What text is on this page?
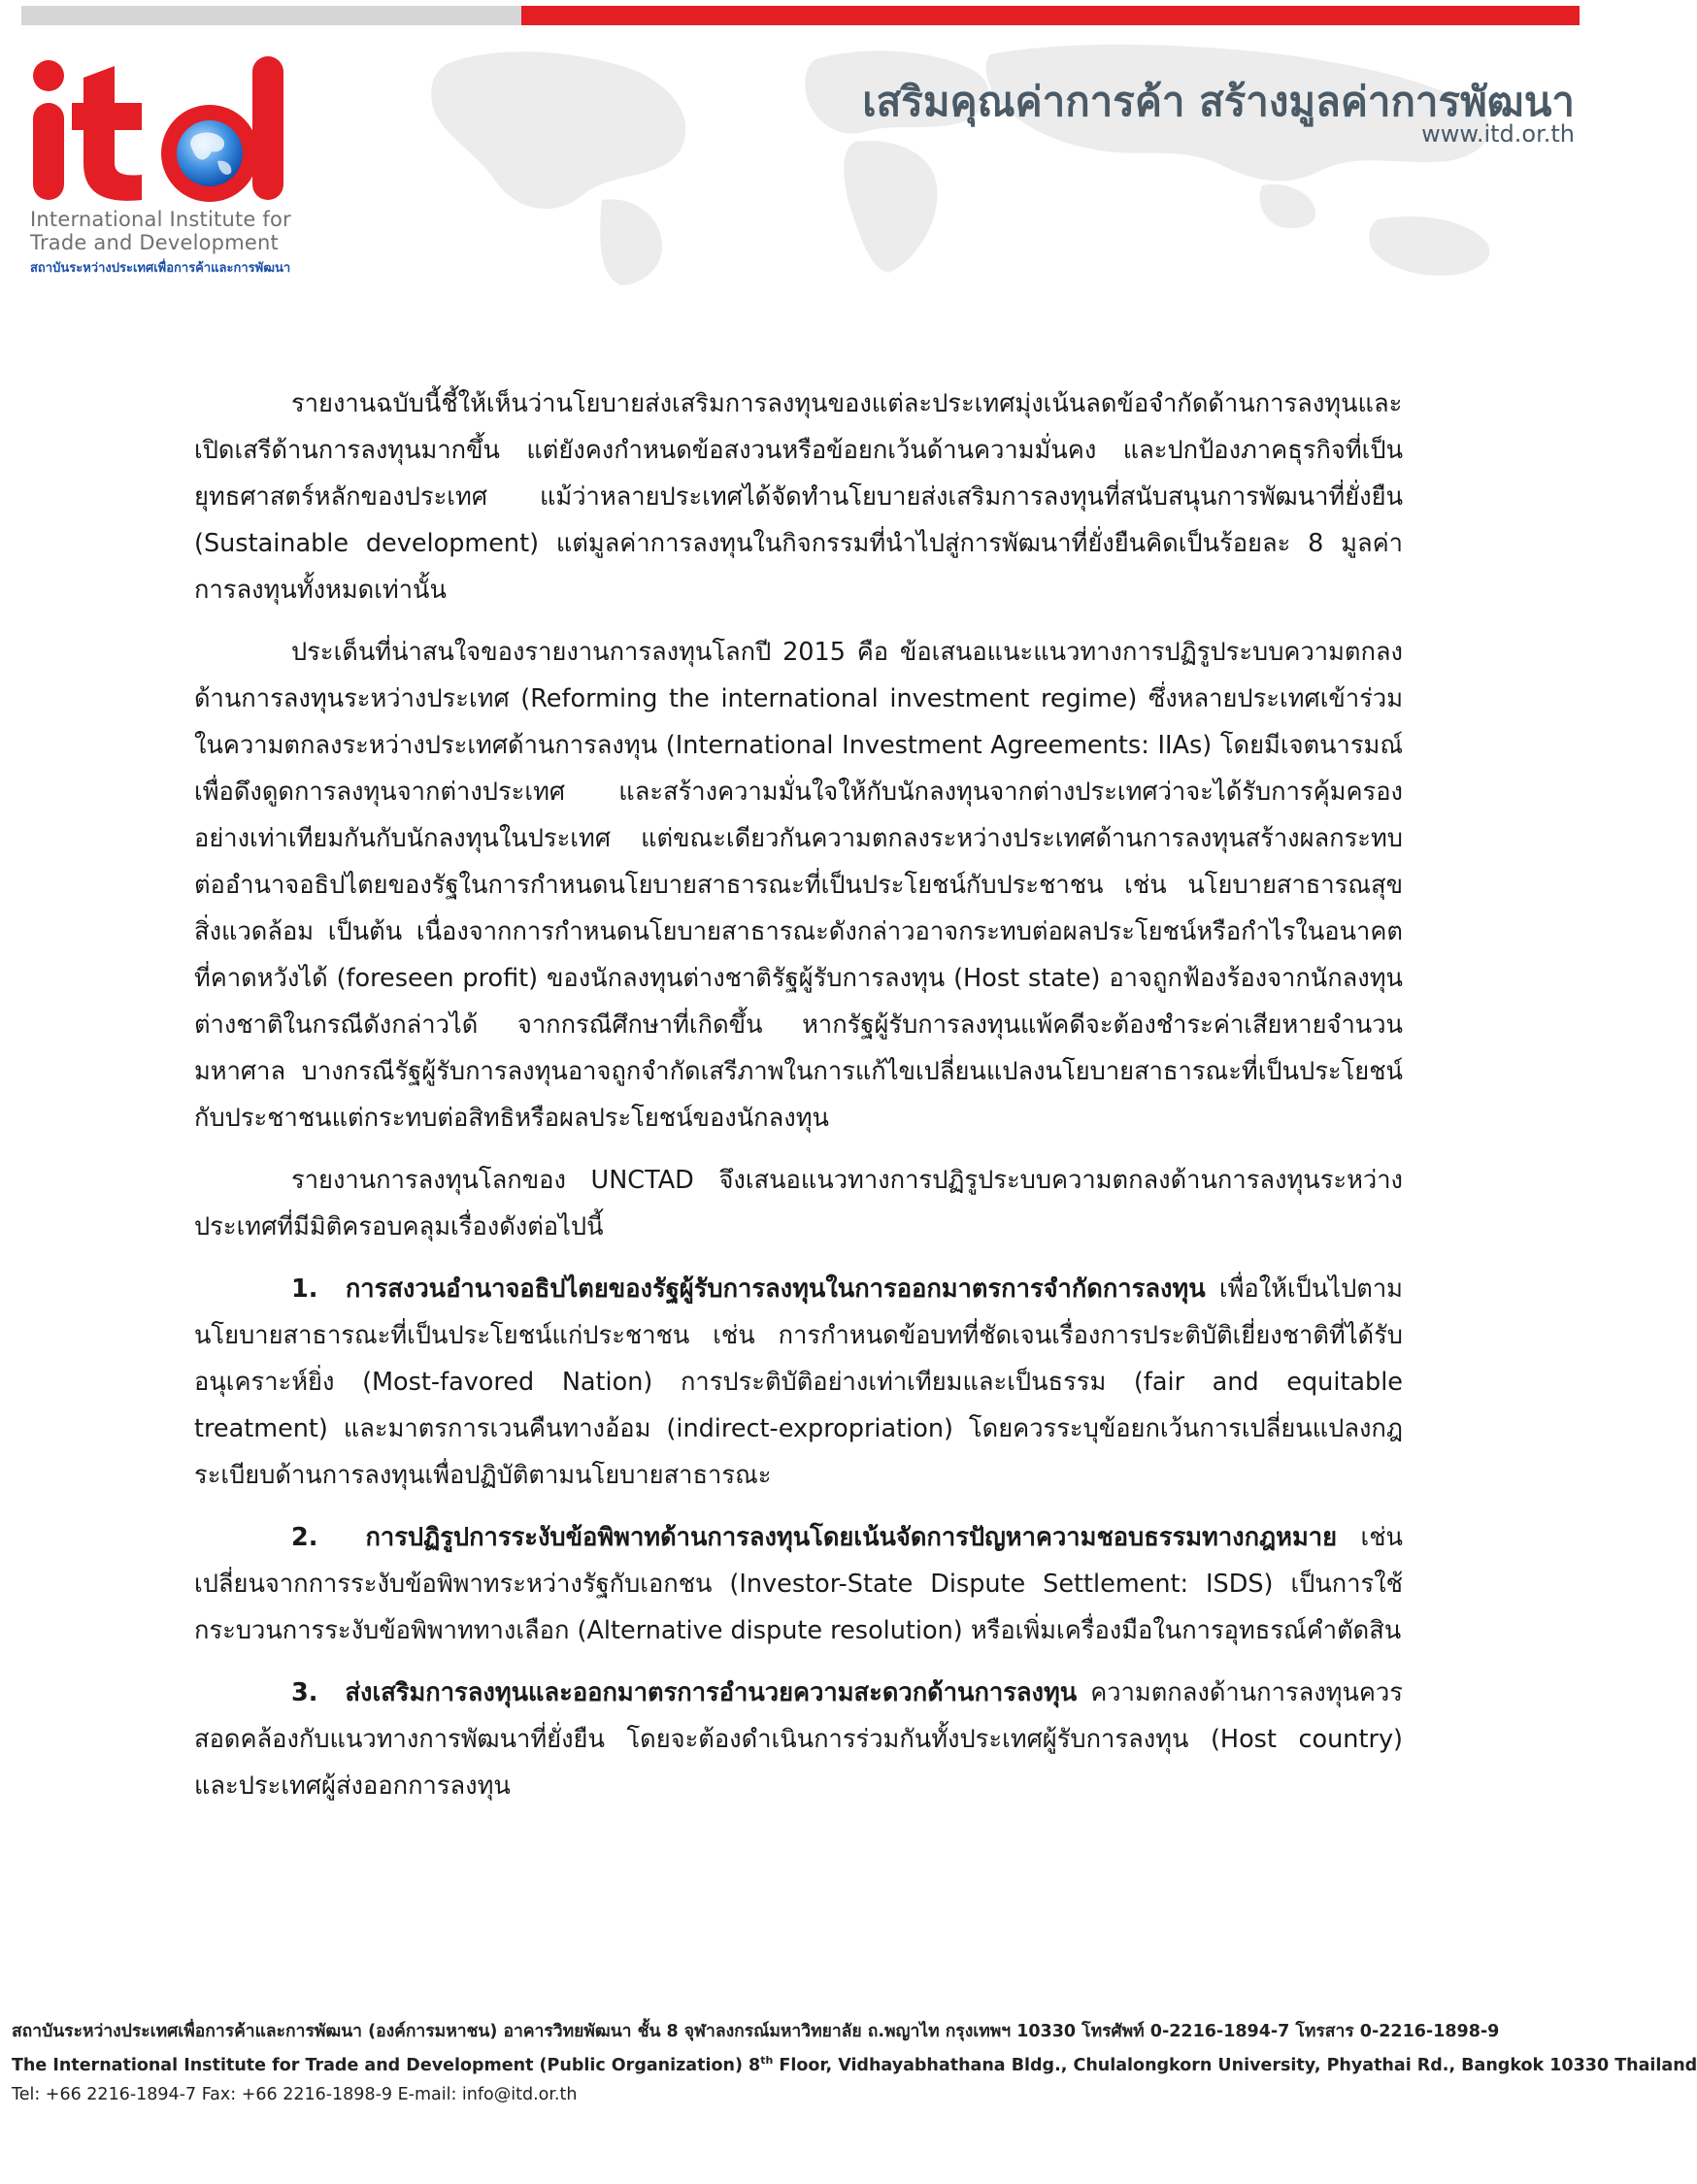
International Institute for
Trade and Development
สถาบันระหว่างประเทศเพื่อการค้าและการพัฒนา
เสริมคุณค่าการค้า สร้างมูลค่าการพัฒนา
www.itd.or.th

รายงานฉบับนี้ชี้ให้เห็นว่านโยบายส่งเสริมการลงทุนของแต่ละประเทศมุ่งเน้นลดข้อจำกัดด้านการลงทุนและเปิดเสรีด้านการลงทุนมากขึ้น แต่ยังคงกำหนดข้อสงวนหรือข้อยกเว้นด้านความมั่นคง และปกป้องภาคธุรกิจที่เป็นยุทธศาสตร์หลักของประเทศ แม้ว่าหลายประเทศได้จัดทำนโยบายส่งเสริมการลงทุนที่สนับสนุนการพัฒนาที่ยั่งยืน (Sustainable development) แต่มูลค่าการลงทุนในกิจกรรมที่นำไปสู่การพัฒนาที่ยั่งยืนคิดเป็นร้อยละ 8 มูลค่าการลงทุนทั้งหมดเท่านั้น

ประเด็นที่น่าสนใจของรายงานการลงทุนโลกปี 2015 คือ ข้อเสนอแนะแนวทางการปฏิรูประบบความตกลงด้านการลงทุนระหว่างประเทศ (Reforming the international investment regime) ซึ่งหลายประเทศเข้าร่วมในความตกลงระหว่างประเทศด้านการลงทุน (International Investment Agreements: IIAs) โดยมีเจตนารมณ์เพื่อดึงดูดการลงทุนจากต่างประเทศ และสร้างความมั่นใจให้กับนักลงทุนจากต่างประเทศว่าจะได้รับการคุ้มครองอย่างเท่าเทียมกันกับนักลงทุนในประเทศ แต่ขณะเดียวกันความตกลงระหว่างประเทศด้านการลงทุนสร้างผลกระทบต่ออำนาจอธิปไตยของรัฐในการกำหนดนโยบายสาธารณะที่เป็นประโยชน์กับประชาชน เช่น นโยบายสาธารณสุข สิ่งแวดล้อม เป็นต้น เนื่องจากการกำหนดนโยบายสาธารณะดังกล่าวอาจกระทบต่อผลประโยชน์หรือกำไรในอนาคตที่คาดหวังได้ (foreseen profit) ของนักลงทุนต่างชาติรัฐผู้รับการลงทุน (Host state) อาจถูกฟ้องร้องจากนักลงทุนต่างชาติในกรณีดังกล่าวได้ จากกรณีศึกษาที่เกิดขึ้น หากรัฐผู้รับการลงทุนแพ้คดีจะต้องชำระค่าเสียหายจำนวนมหาศาล บางกรณีรัฐผู้รับการลงทุนอาจถูกจำกัดเสรีภาพในการแก้ไขเปลี่ยนแปลงนโยบายสาธารณะที่เป็นประโยชน์กับประชาชนแต่กระทบต่อสิทธิหรือผลประโยชน์ของนักลงทุน

รายงานการลงทุนโลกของ UNCTAD จึงเสนอแนวทางการปฏิรูประบบความตกลงด้านการลงทุนระหว่างประเทศที่มีมิติครอบคลุมเรื่องดังต่อไปนี้

1. การสงวนอำนาจอธิปไตยของรัฐผู้รับการลงทุนในการออกมาตรการจำกัดการลงทุน เพื่อให้เป็นไปตามนโยบายสาธารณะที่เป็นประโยชน์แก่ประชาชน เช่น การกำหนดข้อบทที่ชัดเจนเรื่องการประติบัติเยี่ยงชาติที่ได้รับอนุเคราะห์ยิ่ง (Most-favored Nation) การประติบัติอย่างเท่าเทียมและเป็นธรรม (fair and equitable treatment) และมาตรการเวนคืนทางอ้อม (indirect-expropriation) โดยควรระบุข้อยกเว้นการเปลี่ยนแปลงกฎระเบียบด้านการลงทุนเพื่อปฏิบัติตามนโยบายสาธารณะ

2. การปฏิรูปการระงับข้อพิพาทด้านการลงทุนโดยเน้นจัดการปัญหาความชอบธรรมทางกฎหมาย เช่น เปลี่ยนจากการระงับข้อพิพาทระหว่างรัฐกับเอกชน (Investor-State Dispute Settlement: ISDS) เป็นการใช้กระบวนการระงับข้อพิพาททางเลือก (Alternative dispute resolution) หรือเพิ่มเครื่องมือในการอุทธรณ์คำตัดสิน

3. ส่งเสริมการลงทุนและออกมาตรการอำนวยความสะดวกด้านการลงทุน ความตกลงด้านการลงทุนควรสอดคล้องกับแนวทางการพัฒนาที่ยั่งยืน โดยจะต้องดำเนินการร่วมกันทั้งประเทศผู้รับการลงทุน (Host country) และประเทศผู้ส่งออกการลงทุน

สถาบันระหว่างประเทศเพื่อการค้าและการพัฒนา (องค์การมหาชน) อาคารวิทยพัฒนา ชั้น 8 จุฬาลงกรณ์มหาวิทยาลัย ถ.พญาไท กรุงเทพฯ 10330 โทรศัพท์ 0-2216-1894-7 โทรสาร 0-2216-1898-9
The International Institute for Trade and Development (Public Organization) 8th Floor, Vidhayabhathana Bldg., Chulalongkorn University, Phyathai Rd., Bangkok 10330 Thailand
Tel: +66 2216-1894-7 Fax: +66 2216-1898-9 E-mail: info@itd.or.th
